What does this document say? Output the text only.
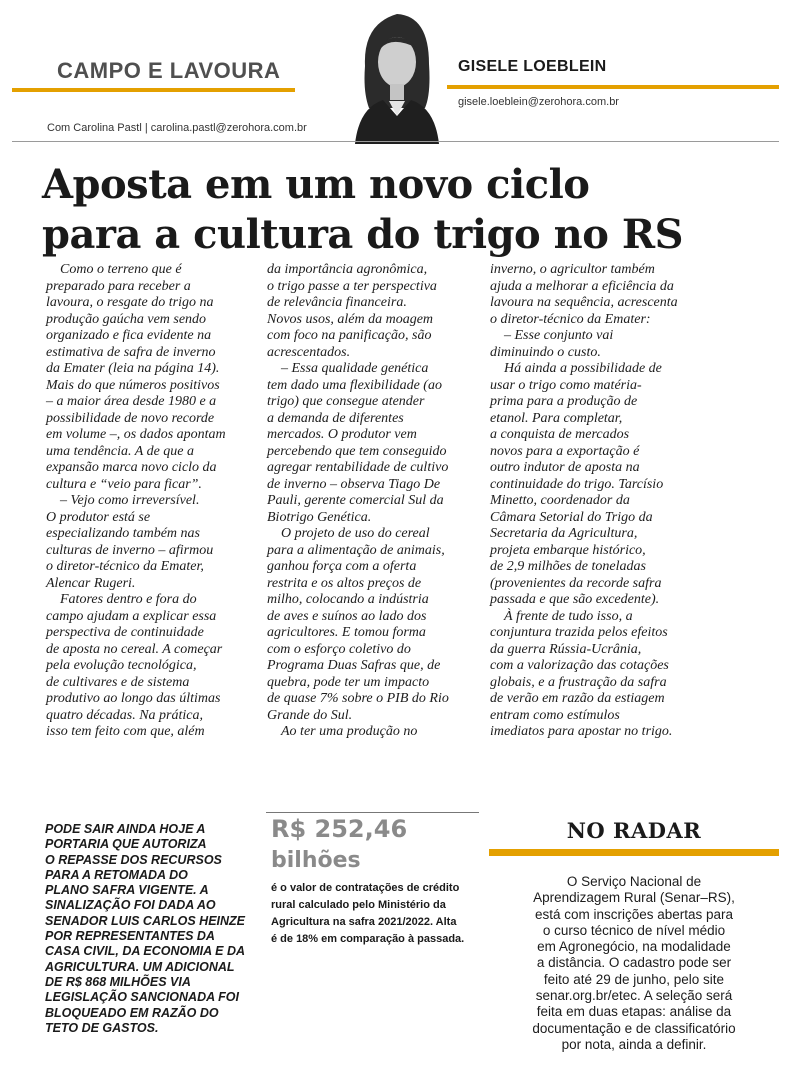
CAMPO E LAVOURA	GISELE LOEBLEIN
gisele.loeblein@zerohora.com.br
Com Carolina Pastl | carolina.pastl@zerohora.com.br
Aposta em um novo ciclo
para a cultura do trigo no RS

Como o terreno que é

preparado para receber a

lavoura, o resgate do trigo na

produção gaúcha vem sendo

organizado e fica evidente na

estimativa de safra de inverno

da Emater (leia na página 14).

Mais do que números positivos

– a maior área desde 1980 e a

possibilidade de novo recorde

em volume –, os dados apontam

uma tendência. A de que a

expansão marca novo ciclo da

cultura e “veio para ficar”.

– Vejo como irreversível.

O produtor está se

especializando também nas

culturas de inverno – afirmou

o diretor-técnico da Emater,

Alencar Rugeri.

Fatores dentro e fora do

campo ajudam a explicar essa

perspectiva de continuidade

de aposta no cereal. A começar

pela evolução tecnológica,

de cultivares e de sistema

produtivo ao longo das últimas

quatro décadas. Na prática,

isso tem feito com que, além

da importância agronômica,

o trigo passe a ter perspectiva

de relevância financeira.

Novos usos, além da moagem

com foco na panificação, são

acrescentados.

– Essa qualidade genética

tem dado uma flexibilidade (ao

trigo) que consegue atender

a demanda de diferentes

mercados. O produtor vem

percebendo que tem conseguido

agregar rentabilidade de cultivo

de inverno – observa Tiago De

Pauli, gerente comercial Sul da

Biotrigo Genética.

O projeto de uso do cereal

para a alimentação de animais,

ganhou força com a oferta

restrita e os altos preços de

milho, colocando a indústria

de aves e suínos ao lado dos

agricultores. E tomou forma

com o esforço coletivo do

Programa Duas Safras que, de

quebra, pode ter um impacto

de quase 7% sobre o PIB do Rio

Grande do Sul.

Ao ter uma produção no

inverno, o agricultor também

ajuda a melhorar a eficiência da

lavoura na sequência, acrescenta

o diretor-técnico da Emater:

– Esse conjunto vai

diminuindo o custo.

Há ainda a possibilidade de

usar o trigo como matéria-

prima para a produção de

etanol. Para completar,

a conquista de mercados

novos para a exportação é

outro indutor de aposta na

continuidade do trigo. Tarcísio

Minetto, coordenador da

Câmara Setorial do Trigo da

Secretaria da Agricultura,

projeta embarque histórico,

de 2,9 milhões de toneladas

(provenientes da recorde safra

passada e que são excedente).

À frente de tudo isso, a

conjuntura trazida pelos efeitos

da guerra Rússia-Ucrânia,

com a valorização das cotações

globais, e a frustração da safra

de verão em razão da estiagem

entram como estímulos

imediatos para apostar no trigo.

PODE SAIR AINDA HOJE A
PORTARIA QUE AUTORIZA
O REPASSE DOS RECURSOS
PARA A RETOMADA DO
PLANO SAFRA VIGENTE. A
SINALIZAÇÃO FOI DADA AO
SENADOR LUIS CARLOS HEINZE
POR REPRESENTANTES DA
CASA CIVIL, DA ECONOMIA E DA
AGRICULTURA. UM ADICIONAL
DE R$ 868 MILHÕES VIA
LEGISLAÇÃO SANCIONADA FOI
BLOQUEADO EM RAZÃO DO
TETO DE GASTOS.
R$ 252,46
bilhões
é o valor de contratações de crédito
rural calculado pelo Ministério da
Agricultura na safra 2021/2022. Alta
é de 18% em comparação à passada.
NO RADAR
O Serviço Nacional de
Aprendizagem Rural (Senar–RS),
está com inscrições abertas para
o curso técnico de nível médio
em Agronegócio, na modalidade
a distância. O cadastro pode ser
feito até 29 de junho, pelo site
senar.org.br/etec. A seleção será
feita em duas etapas: análise da
documentação e de classificatório
por nota, ainda a definir.
